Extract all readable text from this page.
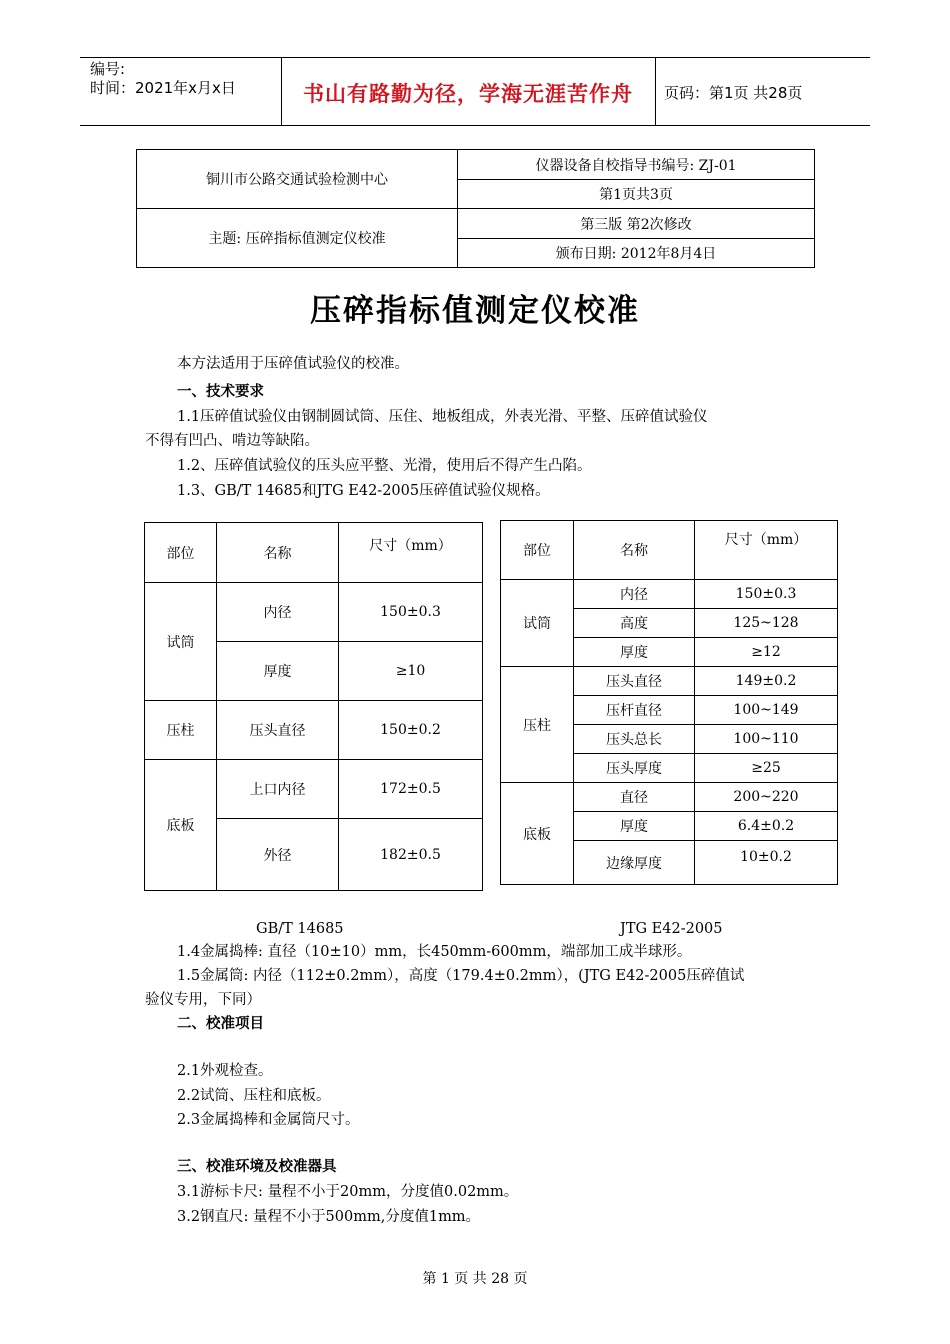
编号:
时间：2021年x月x日	书山有路勤为径，学海无涯苦作舟	页码：第1页 共28页
铜川市公路交通试验检测中心	仪器设备自校指导书编号: ZJ-01
	第1页共3页
主题: 压碎指标值测定仪校准	第三版 第2次修改
	颁布日期: 2012年8月4日
压碎指标值测定仪校准
本方法适用于压碎值试验仪的校准。
一、技术要求
1.1压碎值试验仪由钢制圆试筒、压住、地板组成，外表光滑、平整、压碎值试验仪
不得有凹凸、啃边等缺陷。
1.2、压碎值试验仪的压头应平整、光滑，使用后不得产生凸陷。
1.3、GB/T 14685和JTG E42-2005压碎值试验仪规格。
部位	名称	尺寸（mm）
试筒	内径	150±0.3
	厚度	≥10
压柱	压头直径	150±0.2
底板	上口内径	172±0.5
	外径	182±0.5
部位	名称	尺寸（mm）
试筒	内径	150±0.3
	高度	125~128
	厚度	≥12
压柱	压头直径	149±0.2
	压杆直径	100~149
	压头总长	100~110
	压头厚度	≥25
底板	直径	200~220
	厚度	6.4±0.2
	边缘厚度	10±0.2
GB/T 14685	JTG E42-2005
1.4金属捣棒: 直径（10±10）mm，长450mm-600mm，端部加工成半球形。
1.5金属筒: 内径（112±0.2mm），高度（179.4±0.2mm），(JTG E42-2005压碎值试
验仪专用，下同）
二、校准项目
2.1外观检查。
2.2试筒、压柱和底板。
2.3金属捣棒和金属筒尺寸。
三、校准环境及校准器具
3.1游标卡尺: 量程不小于20mm，分度值0.02mm。
3.2钢直尺: 量程不小于500mm,分度值1mm。
第 1 页 共 28 页
